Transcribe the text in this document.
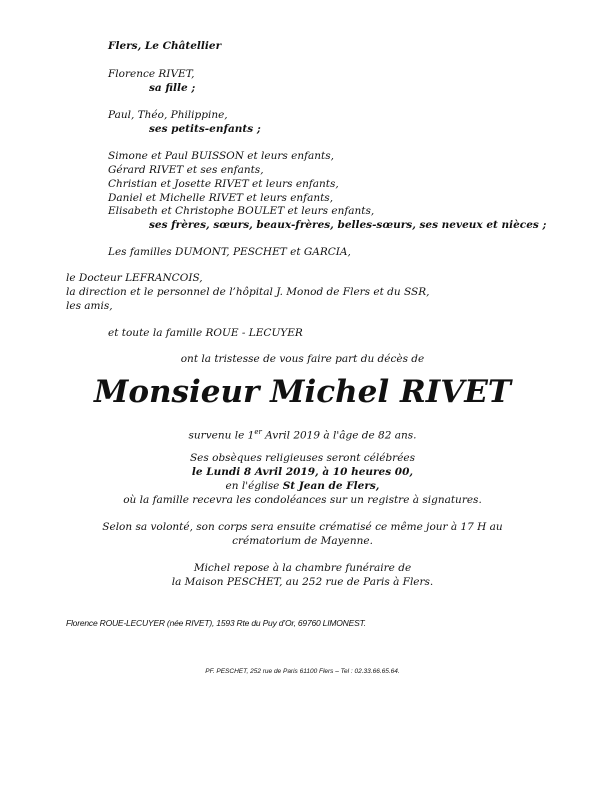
Flers, Le Châtellier
Florence RIVET,
sa fille ;
Paul, Théo, Philippine,
ses petits-enfants ;
Simone et Paul BUISSON et leurs enfants,
Gérard RIVET et ses enfants,
Christian et Josette RIVET et leurs enfants,
Daniel et Michelle RIVET et leurs enfants,
Elisabeth et Christophe BOULET et leurs enfants,
ses frères, sœurs, beaux-frères, belles-sœurs, ses neveux et nièces ;
Les familles DUMONT, PESCHET et GARCIA,
le Docteur LEFRANCOIS,
la direction et le personnel de l’hôpital J. Monod de Flers et du SSR,
les amis,
et toute la famille ROUE - LECUYER
ont la tristesse de vous faire part du décès de
Monsieur Michel RIVET
survenu le 1er Avril 2019 à l'âge de 82 ans.
Ses obsèques religieuses seront célébrées
le Lundi 8 Avril 2019, à 10 heures 00,
en l'église St Jean de Flers,
où la famille recevra les condoléances sur un registre à signatures.
Selon sa volonté, son corps sera ensuite crématisé ce même jour à 17 H au
crématorium de Mayenne.
Michel repose à la chambre funéraire de
la Maison PESCHET, au 252 rue de Paris à Flers.
Florence ROUE-LECUYER (née RIVET), 1593 Rte du Puy d’Or, 69760 LIMONEST.
PF. PESCHET, 252 rue de Paris 61100 Flers – Tel : 02.33.66.65.64.
